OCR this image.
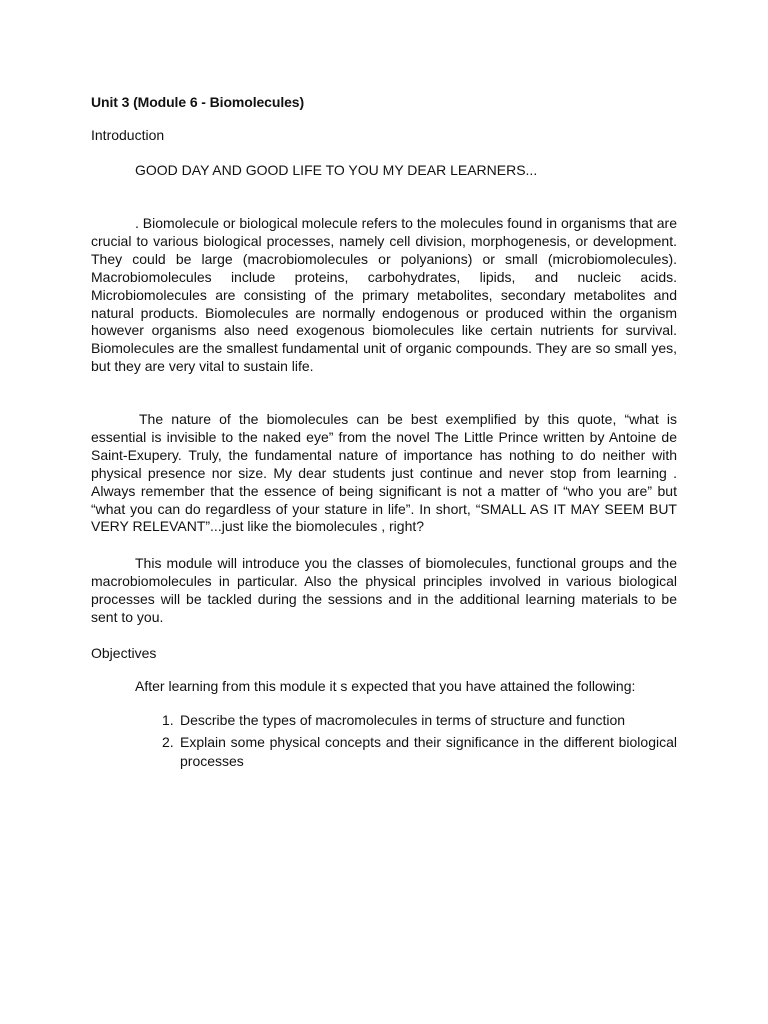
Unit 3 (Module 6 - Biomolecules)
Introduction
GOOD DAY AND GOOD LIFE TO YOU MY DEAR LEARNERS...

. Biomolecule or biological molecule refers to the molecules found in organisms that are crucial to various biological processes, namely cell division, morphogenesis, or development. They could be large (macrobiomolecules or polyanions) or small (microbiomolecules). Macrobiomolecules include proteins, carbohydrates, lipids, and nucleic acids. Microbiomolecules are consisting of the primary metabolites, secondary metabolites and natural products. Biomolecules are normally endogenous or produced within the organism however organisms also need exogenous biomolecules like certain nutrients for survival. Biomolecules are the smallest fundamental unit of organic compounds. They are so small yes, but they are very vital to sustain life.

The nature of the biomolecules can be best exemplified by this quote, “what is essential is invisible to the naked eye” from the novel The Little Prince written by Antoine de Saint-Exupery. Truly, the fundamental nature of importance has nothing to do neither with physical presence nor size. My dear students just continue and never stop from learning . Always remember that the essence of being significant is not a matter of “who you are” but “what you can do regardless of your stature in life”. In short, “SMALL AS IT MAY SEEM BUT VERY RELEVANT”...just like the biomolecules , right?

This module will introduce you the classes of biomolecules, functional groups and the macrobiomolecules in particular. Also the physical principles involved in various biological processes will be tackled during the sessions and in the additional learning materials to be sent to you.

Objectives
After learning from this module it s expected that you have attained the following:
1. Describe the types of macromolecules in terms of structure and function
2. Explain some physical concepts and their significance in the different biological processes
